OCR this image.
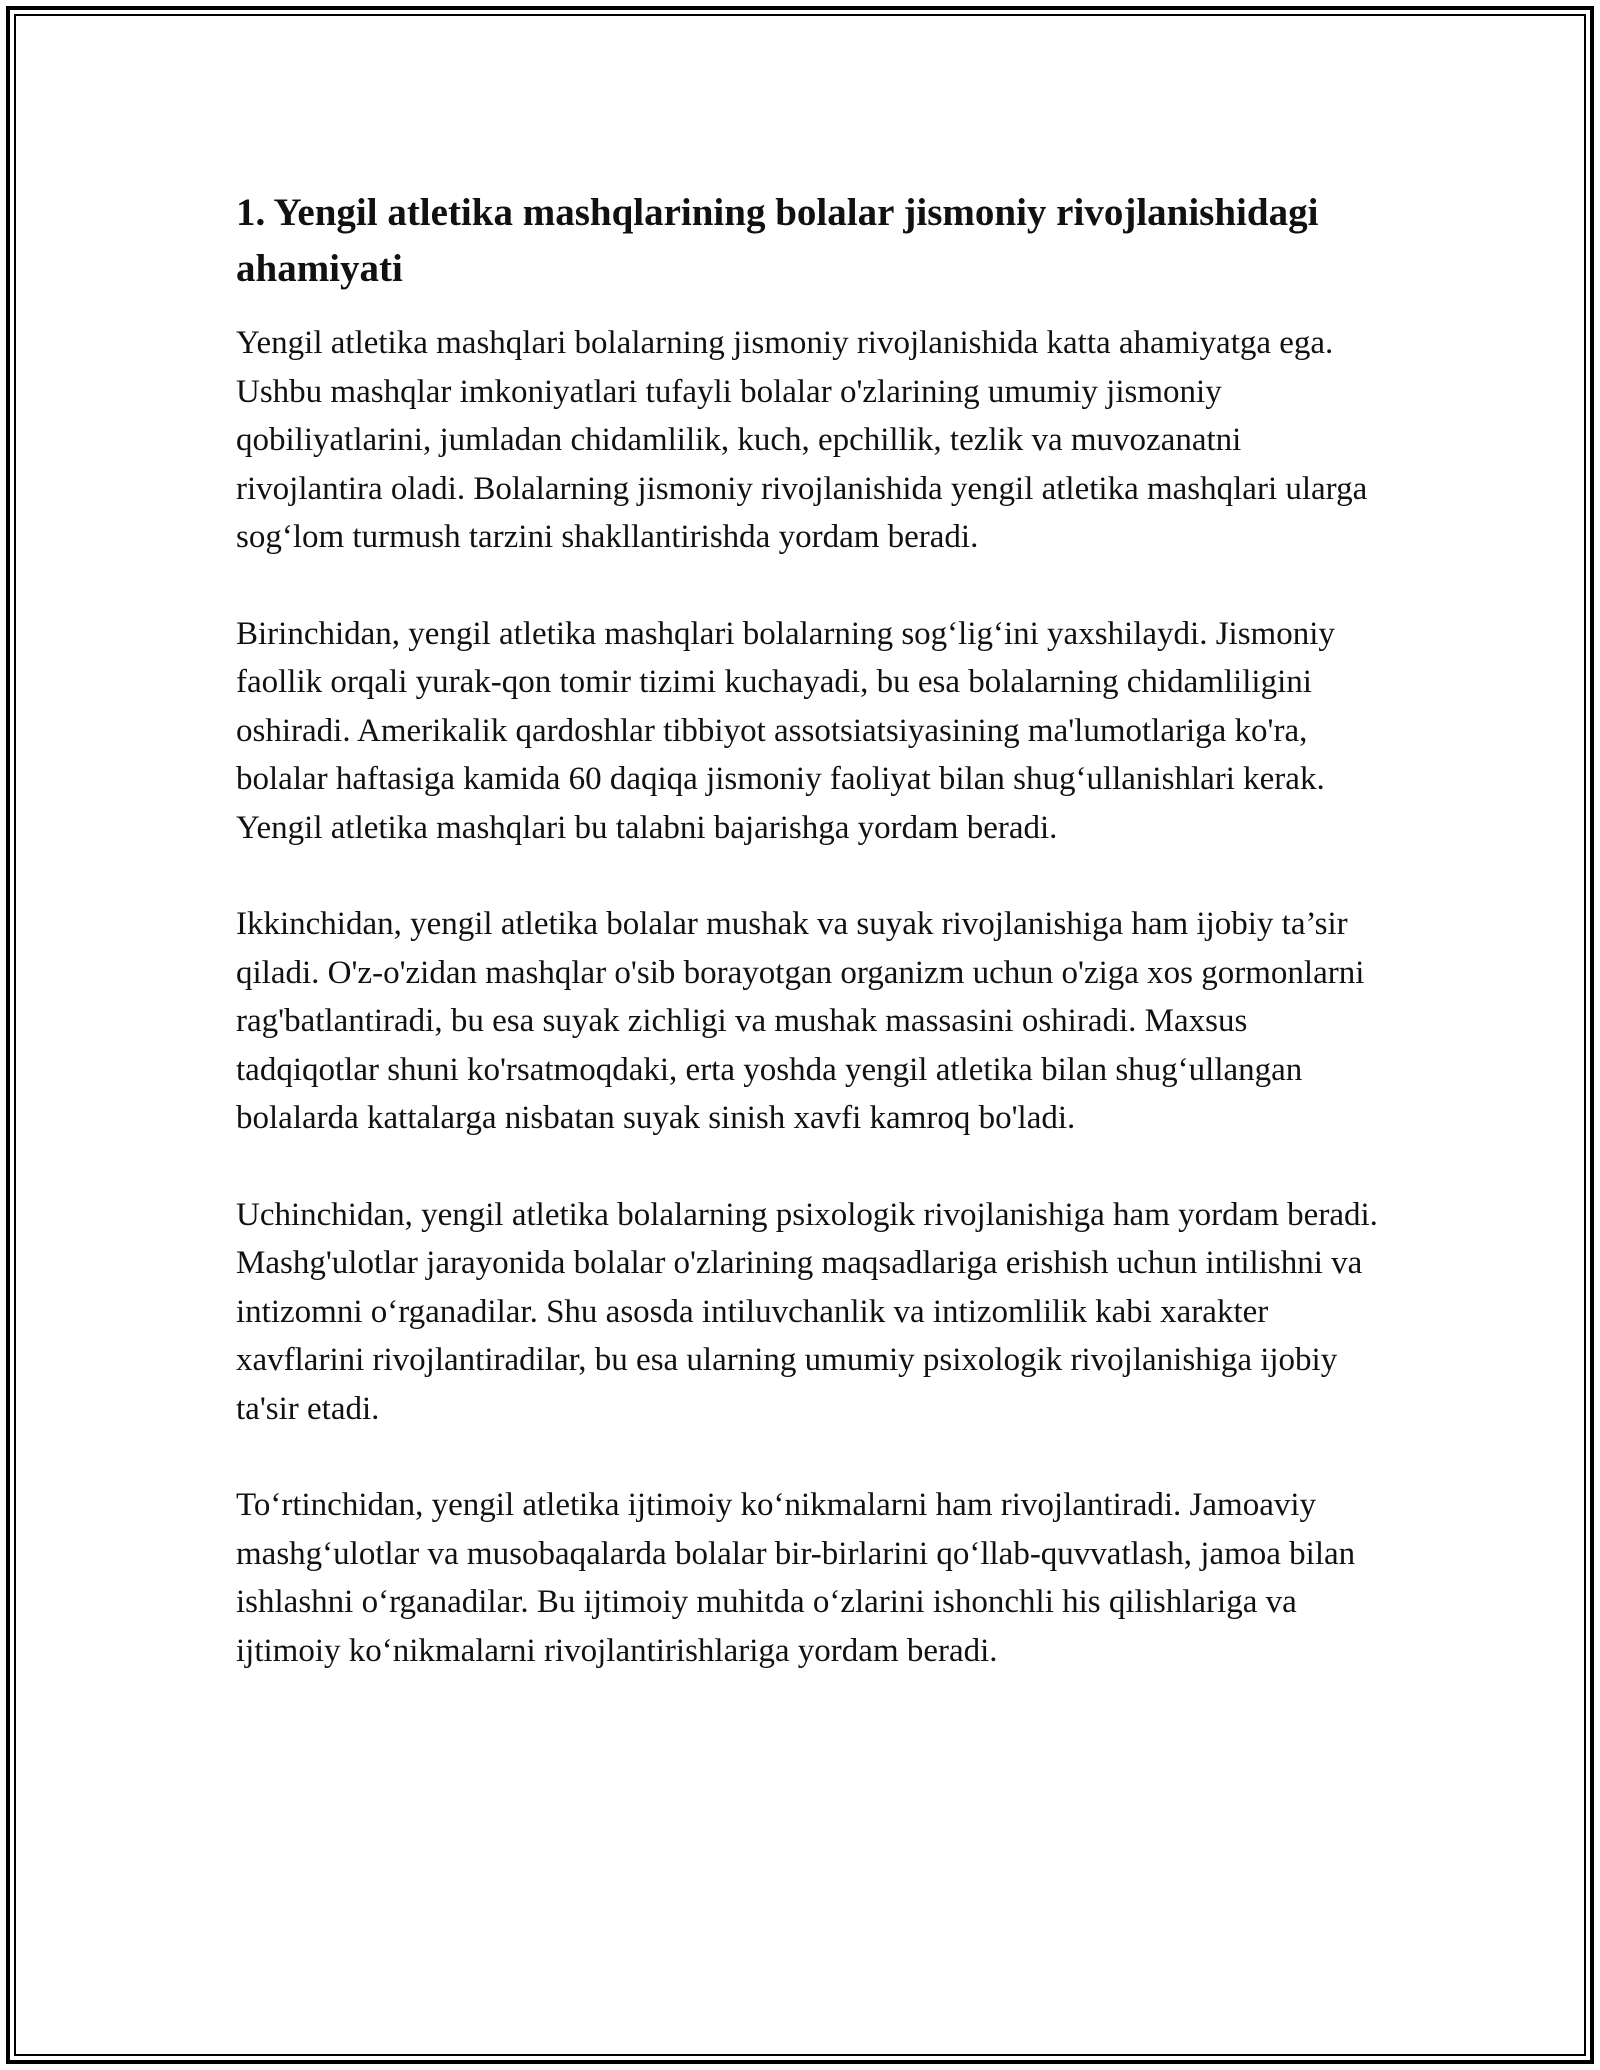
1. Yengil atletika mashqlarining bolalar jismoniy rivojlanishidagi ahamiyati

Yengil atletika mashqlari bolalarning jismoniy rivojlanishida katta ahamiyatga ega. Ushbu mashqlar imkoniyatlari tufayli bolalar o'zlarining umumiy jismoniy qobiliyatlarini, jumladan chidamlilik, kuch, epchillik, tezlik va muvozanatni rivojlantira oladi. Bolalarning jismoniy rivojlanishida yengil atletika mashqlari ularga sog‘lom turmush tarzini shakllantirishda yordam beradi.

Birinchidan, yengil atletika mashqlari bolalarning sog‘lig‘ini yaxshilaydi. Jismoniy faollik orqali yurak-qon tomir tizimi kuchayadi, bu esa bolalarning chidamliligini oshiradi. Amerikalik qardoshlar tibbiyot assotsiatsiyasining ma'lumotlariga ko'ra, bolalar haftasiga kamida 60 daqiqa jismoniy faoliyat bilan shug‘ullanishlari kerak. Yengil atletika mashqlari bu talabni bajarishga yordam beradi.

Ikkinchidan, yengil atletika bolalar mushak va suyak rivojlanishiga ham ijobiy ta’sir qiladi. O'z-o'zidan mashqlar o'sib borayotgan organizm uchun o'ziga xos gormonlarni rag'batlantiradi, bu esa suyak zichligi va mushak massasini oshiradi. Maxsus tadqiqotlar shuni ko'rsatmoqdaki, erta yoshda yengil atletika bilan shug‘ullangan bolalarda kattalarga nisbatan suyak sinish xavfi kamroq bo'ladi.

Uchinchidan, yengil atletika bolalarning psixologik rivojlanishiga ham yordam beradi. Mashg'ulotlar jarayonida bolalar o'zlarining maqsadlariga erishish uchun intilishni va intizomni o‘rganadilar. Shu asosda intiluvchanlik va intizomlilik kabi xarakter xavflarini rivojlantiradilar, bu esa ularning umumiy psixologik rivojlanishiga ijobiy ta'sir etadi.

To‘rtinchidan, yengil atletika ijtimoiy ko‘nikmalarni ham rivojlantiradi. Jamoaviy mashg‘ulotlar va musobaqalarda bolalar bir-birlarini qo‘llab-quvvatlash, jamoa bilan ishlashni o‘rganadilar. Bu ijtimoiy muhitda o‘zlarini ishonchli his qilishlariga va ijtimoiy ko‘nikmalarni rivojlantirishlariga yordam beradi.
